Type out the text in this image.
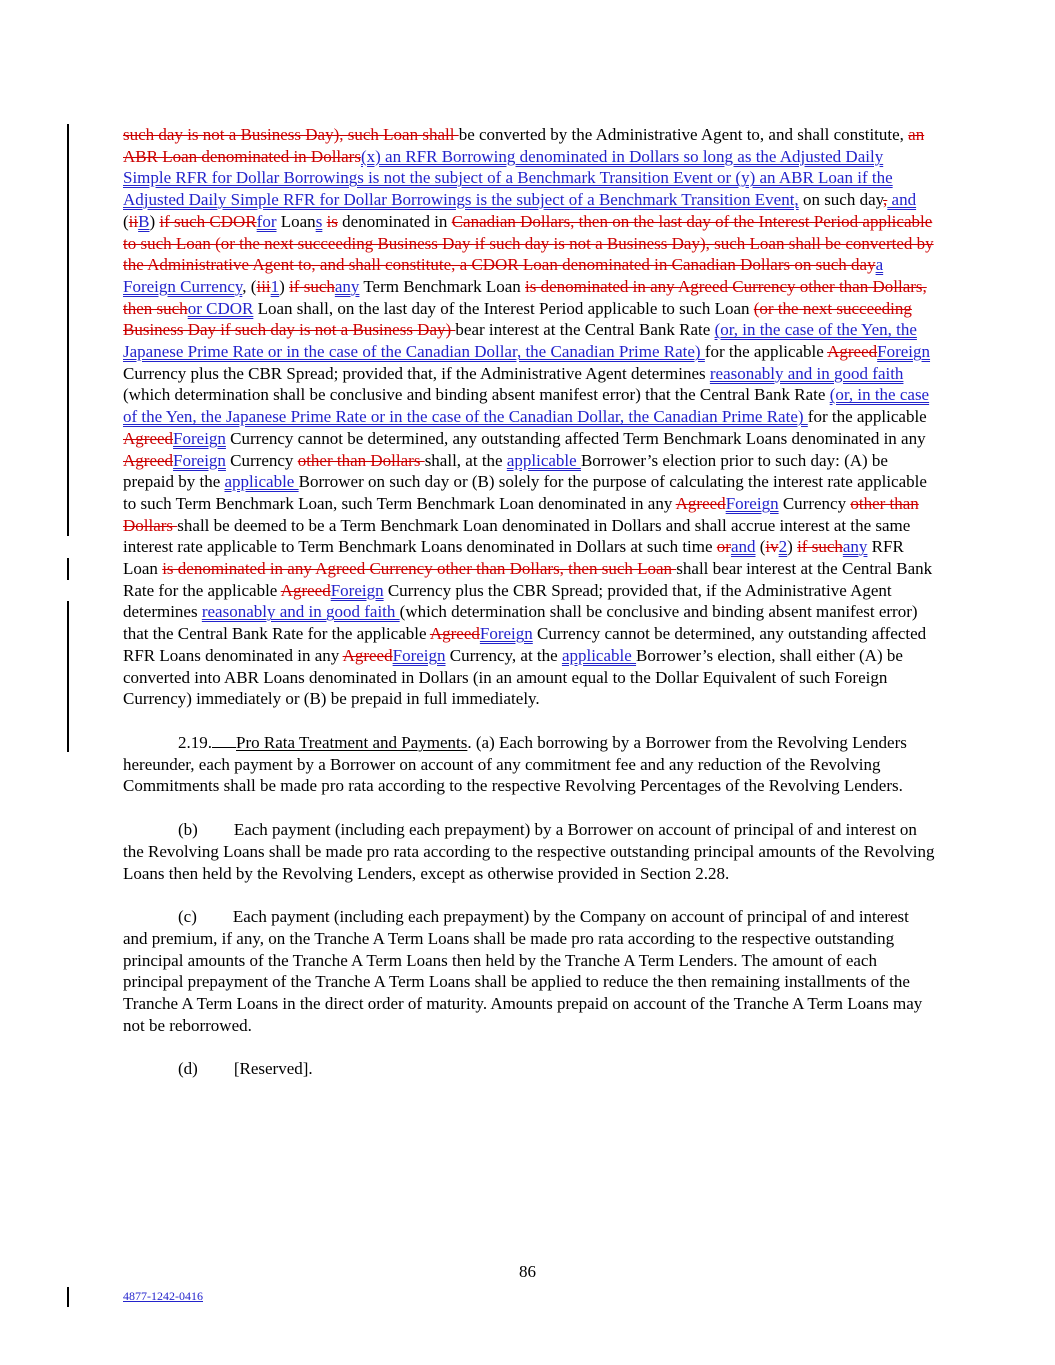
such day is not a Business Day), such Loan shall be converted by the Administrative Agent to, and shall constitute, an ABR Loan denominated in Dollars(x) an RFR Borrowing denominated in Dollars so long as the Adjusted Daily Simple RFR for Dollar Borrowings is not the subject of a Benchmark Transition Event or (y) an ABR Loan if the Adjusted Daily Simple RFR for Dollar Borrowings is the subject of a Benchmark Transition Event, on such day, and (iiB) if such CDORfor Loans is denominated in Canadian Dollars, then on the last day of the Interest Period applicable to such Loan (or the next succeeding Business Day if such day is not a Business Day), such Loan shall be converted by the Administrative Agent to, and shall constitute, a CDOR Loan denominated in Canadian Dollars on such daya Foreign Currency, (iii1) if suchany Term Benchmark Loan is denominated in any Agreed Currency other than Dollars, then suchor CDOR Loan shall, on the last day of the Interest Period applicable to such Loan (or the next succeeding Business Day if such day is not a Business Day) bear interest at the Central Bank Rate (or, in the case of the Yen, the Japanese Prime Rate or in the case of the Canadian Dollar, the Canadian Prime Rate) for the applicable AgreedForeign Currency plus the CBR Spread; provided that, if the Administrative Agent determines reasonably and in good faith (which determination shall be conclusive and binding absent manifest error) that the Central Bank Rate (or, in the case of the Yen, the Japanese Prime Rate or in the case of the Canadian Dollar, the Canadian Prime Rate) for the applicable AgreedForeign Currency cannot be determined, any outstanding affected Term Benchmark Loans denominated in any AgreedForeign Currency other than Dollars shall, at the applicable Borrower’s election prior to such day: (A) be prepaid by the applicable Borrower on such day or (B) solely for the purpose of calculating the interest rate applicable to such Term Benchmark Loan, such Term Benchmark Loan denominated in any AgreedForeign Currency other than Dollars shall be deemed to be a Term Benchmark Loan denominated in Dollars and shall accrue interest at the same interest rate applicable to Term Benchmark Loans denominated in Dollars at such time orand (iv2) if suchany RFR Loan is denominated in any Agreed Currency other than Dollars, then such Loan shall bear interest at the Central Bank Rate for the applicable AgreedForeign Currency plus the CBR Spread; provided that, if the Administrative Agent determines reasonably and in good faith (which determination shall be conclusive and binding absent manifest error) that the Central Bank Rate for the applicable AgreedForeign Currency cannot be determined, any outstanding affected RFR Loans denominated in any AgreedForeign Currency, at the applicable Borrower’s election, shall either (A) be converted into ABR Loans denominated in Dollars (in an amount equal to the Dollar Equivalent of such Foreign Currency) immediately or (B) be prepaid in full immediately.

2.19. Pro Rata Treatment and Payments. (a) Each borrowing by a Borrower from the Revolving Lenders hereunder, each payment by a Borrower on account of any commitment fee and any reduction of the Revolving Commitments shall be made pro rata according to the respective Revolving Percentages of the Revolving Lenders.

(b) Each payment (including each prepayment) by a Borrower on account of principal of and interest on the Revolving Loans shall be made pro rata according to the respective outstanding principal amounts of the Revolving Loans then held by the Revolving Lenders, except as otherwise provided in Section 2.28.

(c) Each payment (including each prepayment) by the Company on account of principal of and interest and premium, if any, on the Tranche A Term Loans shall be made pro rata according to the respective outstanding principal amounts of the Tranche A Term Loans then held by the Tranche A Term Lenders. The amount of each principal prepayment of the Tranche A Term Loans shall be applied to reduce the then remaining installments of the Tranche A Term Loans in the direct order of maturity. Amounts prepaid on account of the Tranche A Term Loans may not be reborrowed.

(d) [Reserved].

86
4877-1242-0416
